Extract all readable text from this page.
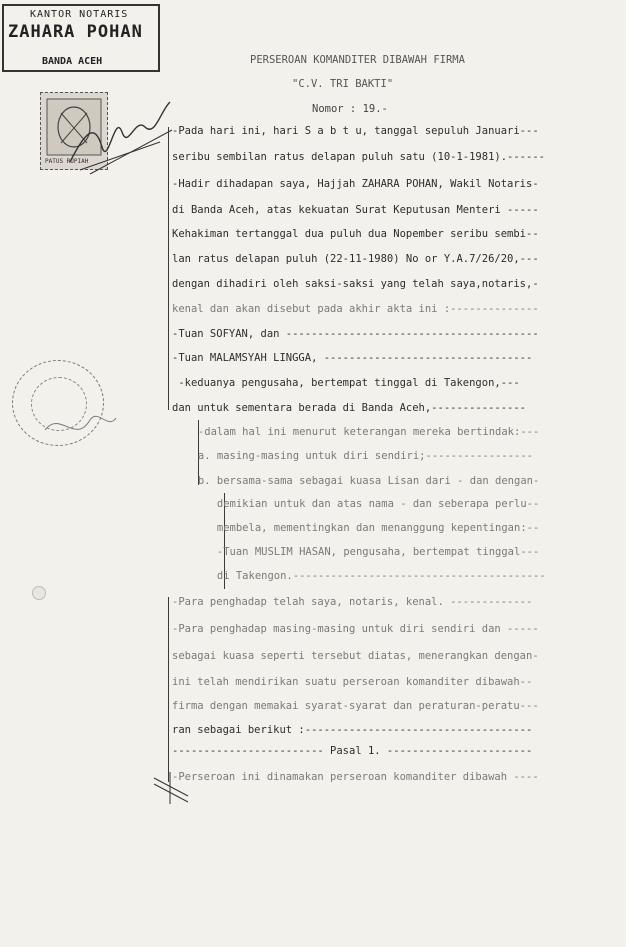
KANTOR NOTARIS
ZAHARA POHAN
BANDA ACEH
PATUS RUPIAH
PERSEROAN KOMANDITER DIBAWAH FIRMA
"C.V. TRI BAKTI"
Nomor : 19.-
-Pada hari ini, hari S a b t u, tanggal sepuluh Januari---
seribu sembilan ratus delapan puluh satu (10-1-1981).------
-Hadir dihadapan saya, Hajjah ZAHARA POHAN, Wakil Notaris-
di Banda Aceh, atas kekuatan Surat Keputusan Menteri -----
Kehakiman tertanggal dua puluh dua Nopember seribu sembi--
lan ratus delapan puluh (22-11-1980) No or Y.A.7/26/20,---
dengan dihadiri oleh saksi-saksi yang telah saya,notaris,-
kenal dan akan disebut pada akhir akta ini :--------------
-Tuan SOFYAN, dan ----------------------------------------
-Tuan MALAMSYAH LINGGA, ---------------------------------
-keduanya pengusaha, bertempat tinggal di Takengon,---
dan untuk sementara berada di Banda Aceh,---------------
-dalam hal ini menurut keterangan mereka bertindak:---
a. masing-masing untuk diri sendiri;-----------------
b. bersama-sama sebagai kuasa Lisan dari - dan dengan-
demikian untuk dan atas nama - dan seberapa perlu--
membela, mementingkan dan menanggung kepentingan:--
-Tuan MUSLIM HASAN, pengusaha, bertempat tinggal---
di Takengon.----------------------------------------
-Para penghadap telah saya, notaris, kenal. -------------
-Para penghadap masing-masing untuk diri sendiri dan -----
sebagai kuasa seperti tersebut diatas, menerangkan dengan-
ini telah mendirikan suatu perseroan komanditer dibawah--
firma dengan memakai syarat-syarat dan peraturan-peratu---
ran sebagai berikut :------------------------------------
------------------------ Pasal 1. -----------------------
-Perseroan ini dinamakan perseroan komanditer dibawah ----
